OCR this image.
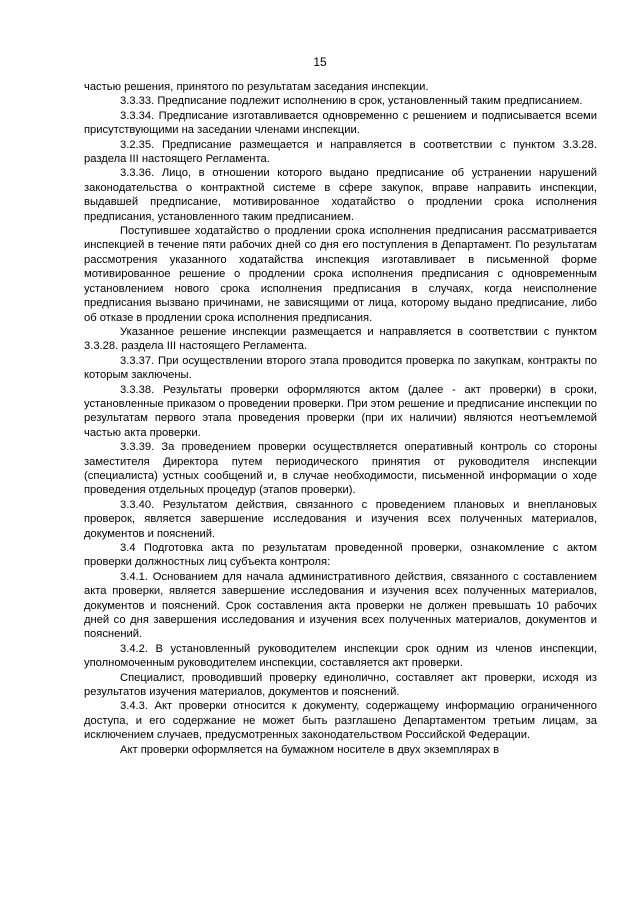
15

частью решения, принятого по результатам заседания инспекции.

3.3.33. Предписание подлежит исполнению в срок, установленный таким предписанием.

3.3.34. Предписание изготавливается одновременно с решением и подписывается всеми присутствующими на заседании членами инспекции.

3.2.35. Предписание размещается и направляется в соответствии с пунктом 3.3.28. раздела III настоящего Регламента.

3.3.36. Лицо, в отношении которого выдано предписание об устранении нарушений законодательства о контрактной системе в сфере закупок, вправе направить инспекции, выдавшей предписание, мотивированное ходатайство о продлении срока исполнения предписания, установленного таким предписанием.

Поступившее ходатайство о продлении срока исполнения предписания рассматривается инспекцией в течение пяти рабочих дней со дня его поступления в Департамент. По результатам рассмотрения указанного ходатайства инспекция изготавливает в письменной форме мотивированное решение о продлении срока исполнения предписания с одновременным установлением нового срока исполнения предписания в случаях, когда неисполнение предписания вызвано причинами, не зависящими от лица, которому выдано предписание, либо об отказе в продлении срока исполнения предписания.

Указанное решение инспекции размещается и направляется в соответствии с пунктом 3.3.28. раздела III настоящего Регламента.

3.3.37. При осуществлении второго этапа проводится проверка по закупкам, контракты по которым заключены.

3.3.38. Результаты проверки оформляются актом (далее - акт проверки) в сроки, установленные приказом о проведении проверки. При этом решение и предписание инспекции по результатам первого этапа проведения проверки (при их наличии) являются неотъемлемой частью акта проверки.

3.3.39. За проведением проверки осуществляется оперативный контроль со стороны заместителя Директора путем периодического принятия от руководителя инспекции (специалиста) устных сообщений и, в случае необходимости, письменной информации о ходе проведения отдельных процедур (этапов проверки).

3.3.40. Результатом действия, связанного с проведением плановых и внеплановых проверок, является завершение исследования и изучения всех полученных материалов, документов и пояснений.

3.4 Подготовка акта по результатам проведенной проверки, ознакомление с актом проверки должностных лиц субъекта контроля:

3.4.1. Основанием для начала административного действия, связанного с составлением акта проверки, является завершение исследования и изучения всех полученных материалов, документов и пояснений. Срок составления акта проверки не должен превышать 10 рабочих дней со дня завершения исследования и изучения всех полученных материалов, документов и пояснений.

3.4.2. В установленный руководителем инспекции срок одним из членов инспекции, уполномоченным руководителем инспекции, составляется акт проверки.

Специалист, проводивший проверку единолично, составляет акт проверки, исходя из результатов изучения материалов, документов и пояснений.

3.4.3. Акт проверки относится к документу, содержащему информацию ограниченного доступа, и его содержание не может быть разглашено Департаментом третьим лицам, за исключением случаев, предусмотренных законодательством Российской Федерации.

Акт проверки оформляется на бумажном носителе в двух экземплярах в
